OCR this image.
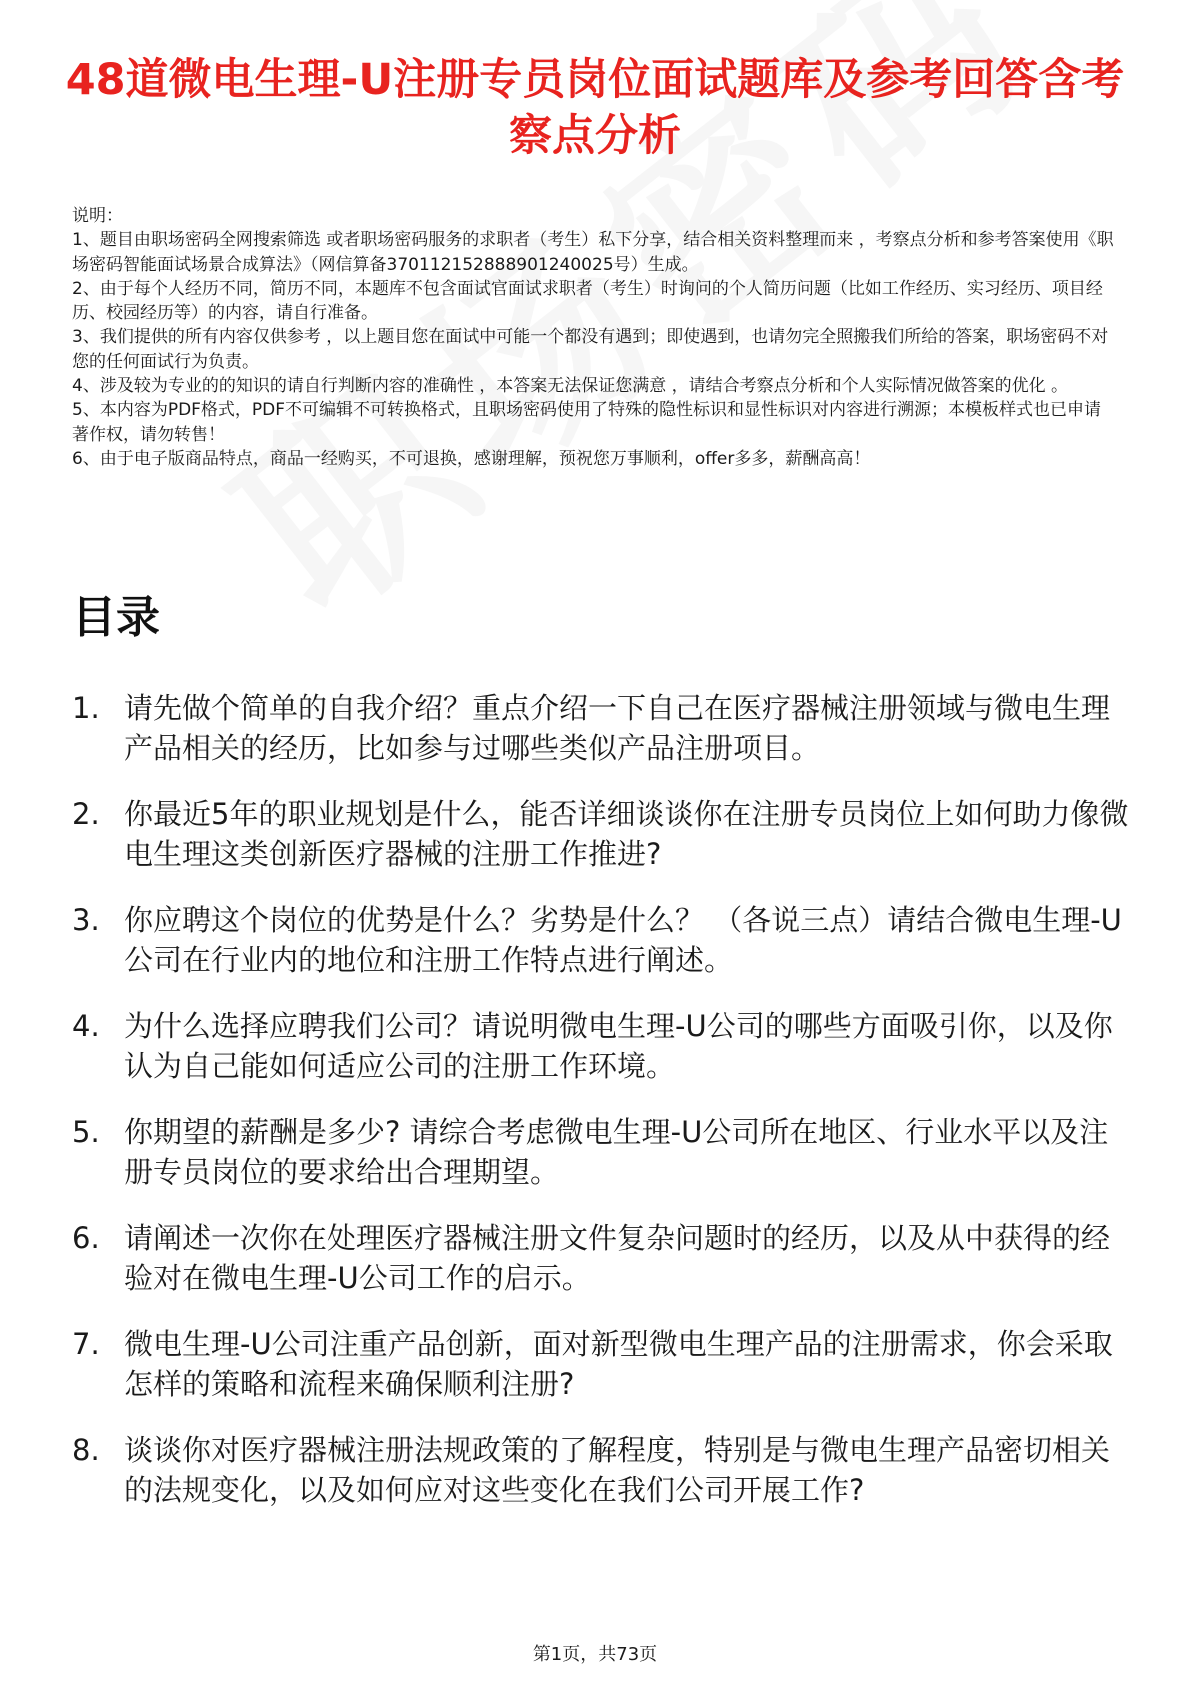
48道微电生理-U注册专员岗位面试题库及参考回答含考察点分析

说明：

1、题目由职场密码全网搜索筛选 或者职场密码服务的求职者（考生）私下分享，结合相关资料整理而来 ，考察点分析和参考答案使用《职场密码智能面试场景合成算法》（网信算备370112152888901240025号）生成。

2、由于每个人经历不同，简历不同，本题库不包含面试官面试求职者（考生）时询问的个人简历问题（比如工作经历、实习经历、项目经历、校园经历等）的内容，请自行准备。

3、我们提供的所有内容仅供参考 ，以上题目您在面试中可能一个都没有遇到；即使遇到，也请勿完全照搬我们所给的答案，职场密码不对您的任何面试行为负责。

4、涉及较为专业的的知识的请自行判断内容的准确性 ，本答案无法保证您满意 ，请结合考察点分析和个人实际情况做答案的优化 。

5、本内容为PDF格式，PDF不可编辑不可转换格式，且职场密码使用了特殊的隐性标识和显性标识对内容进行溯源；本模板样式也已申请著作权，请勿转售！

6、由于电子版商品特点，商品一经购买，不可退换，感谢理解，预祝您万事顺利，offer多多，薪酬高高！

目录
1. 请先做个简单的自我介绍？重点介绍一下自己在医疗器械注册领域与微电生理产品相关的经历，比如参与过哪些类似产品注册项目。
2. 你最近5年的职业规划是什么，能否详细谈谈你在注册专员岗位上如何助力像微电生理这类创新医疗器械的注册工作推进?
3. 你应聘这个岗位的优势是什么？劣势是什么？ （各说三点）请结合微电生理-U公司在行业内的地位和注册工作特点进行阐述。
4. 为什么选择应聘我们公司？请说明微电生理-U公司的哪些方面吸引你，以及你认为自己能如何适应公司的注册工作环境。
5. 你期望的薪酬是多少? 请综合考虑微电生理-U公司所在地区、行业水平以及注册专员岗位的要求给出合理期望。
6. 请阐述一次你在处理医疗器械注册文件复杂问题时的经历，以及从中获得的经验对在微电生理-U公司工作的启示。
7. 微电生理-U公司注重产品创新，面对新型微电生理产品的注册需求，你会采取怎样的策略和流程来确保顺利注册?
8. 谈谈你对医疗器械注册法规政策的了解程度，特别是与微电生理产品密切相关的法规变化，以及如何应对这些变化在我们公司开展工作?
第1页，共73页
